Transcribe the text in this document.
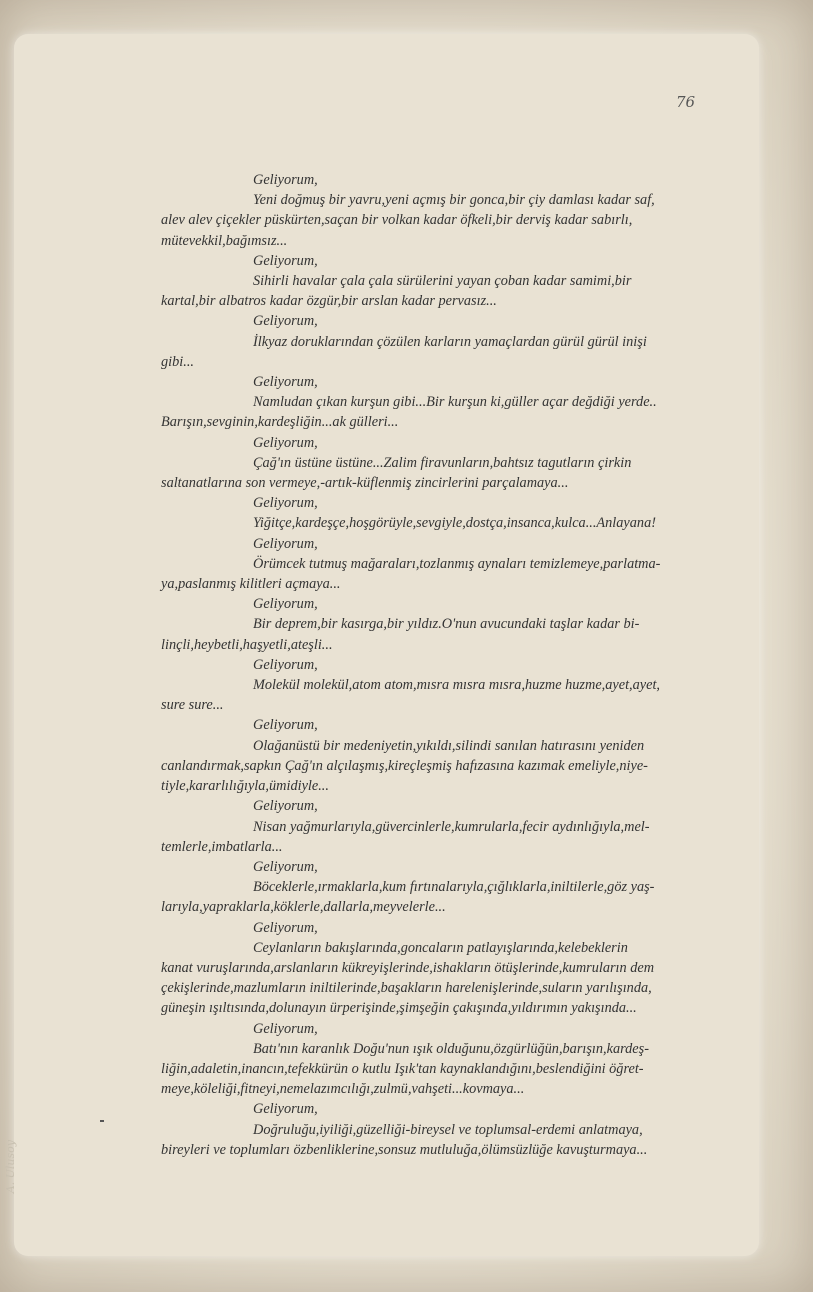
76

Geliyorum,

Yeni doğmuş bir yavru,yeni açmış bir gonca,bir çiy damlası kadar saf,

alev alev çiçekler püskürten,saçan bir volkan kadar öfkeli,bir derviş kadar sabırlı,

mütevekkil,bağımsız...

Geliyorum,

Sihirli havalar çala çala sürülerini yayan çoban kadar samimi,bir

kartal,bir albatros kadar özgür,bir arslan kadar pervasız...

Geliyorum,

İlkyaz doruklarından çözülen karların yamaçlardan gürül gürül inişi

gibi...

Geliyorum,

Namludan çıkan kurşun gibi...Bir kurşun ki,güller açar değdiği yerde..

Barışın,sevginin,kardeşliğin...ak gülleri...

Geliyorum,

Çağ'ın üstüne üstüne...Zalim firavunların,bahtsız tagutların çirkin

saltanatlarına son vermeye,-artık-küflenmiş zincirlerini parçalamaya...

Geliyorum,

Yiğitçe,kardeşçe,hoşgörüyle,sevgiyle,dostça,insanca,kulca...Anlayana!

Geliyorum,

Örümcek tutmuş mağaraları,tozlanmış aynaları temizlemeye,parlatma-

ya,paslanmış kilitleri açmaya...

Geliyorum,

Bir deprem,bir kasırga,bir yıldız.O'nun avucundaki taşlar kadar bi-

linçli,heybetli,haşyetli,ateşli...

Geliyorum,

Molekül molekül,atom atom,mısra mısra mısra,huzme huzme,ayet,ayet,

sure sure...

Geliyorum,

Olağanüstü bir medeniyetin,yıkıldı,silindi sanılan hatırasını yeniden

canlandırmak,sapkın Çağ'ın alçılaşmış,kireçleşmiş hafızasına kazımak emeliyle,niye-

tiyle,kararlılığıyla,ümidiyle...

Geliyorum,

Nisan yağmurlarıyla,güvercinlerle,kumrularla,fecir aydınlığıyla,mel-

temlerle,imbatlarla...

Geliyorum,

Böceklerle,ırmaklarla,kum fırtınalarıyla,çığlıklarla,iniltilerle,göz yaş-

larıyla,yapraklarla,köklerle,dallarla,meyvelerle...

Geliyorum,

Ceylanların bakışlarında,goncaların patlayışlarında,kelebeklerin

kanat vuruşlarında,arslanların kükreyişlerinde,ishakların ötüşlerinde,kumruların dem

çekişlerinde,mazlumların iniltilerinde,başakların harelenişlerinde,suların yarılışında,

güneşin ışıltısında,dolunayın ürperişinde,şimşeğin çakışında,yıldırımın yakışında...

Geliyorum,

Batı'nın karanlık Doğu'nun ışık olduğunu,özgürlüğün,barışın,kardeş-

liğin,adaletin,inancın,tefekkürün o kutlu Işık'tan kaynaklandığını,beslendiğini öğret-

meye,köleliği,fitneyi,nemelazımcılığı,zulmü,vahşeti...kovmaya...

Geliyorum,

Doğruluğu,iyiliği,güzelliği-bireysel ve toplumsal-erdemi anlatmaya,

bireyleri ve toplumları özbenliklerine,sonsuz mutluluğa,ölümsüzlüğe kavuşturmaya...

A. Ulusoy
